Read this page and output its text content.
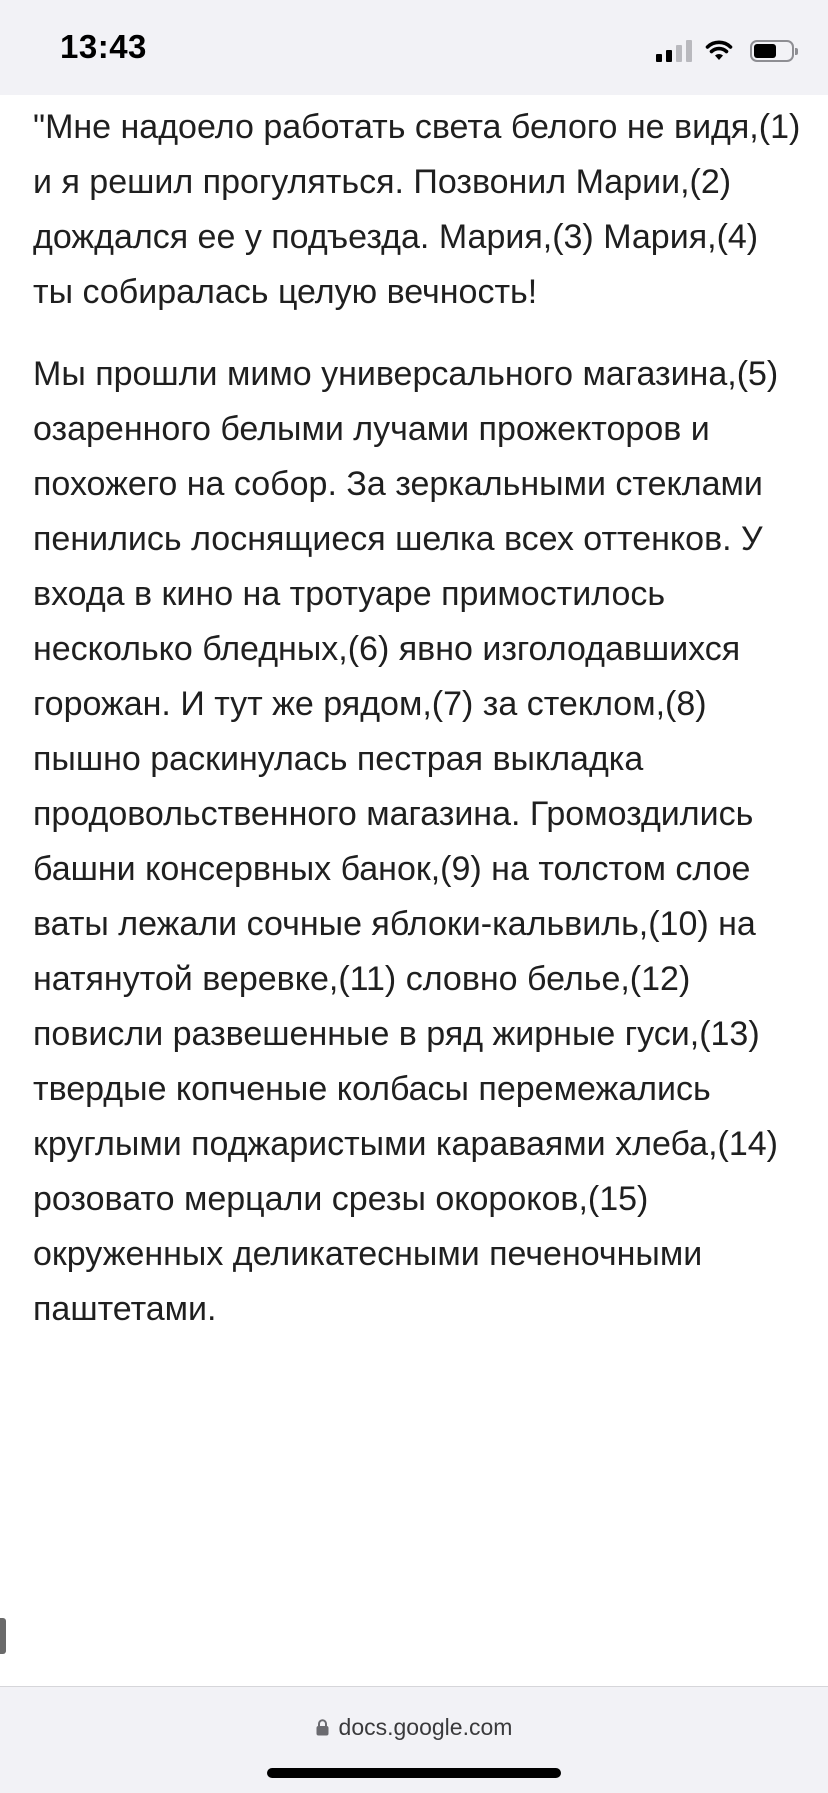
13:43

"Мне надоело работать света белого не видя,(1) и я решил прогуляться. Позвонил Марии,(2) дождался ее у подъезда. Мария,(3) Мария,(4) ты собиралась целую вечность!

Мы прошли мимо универсального магазина,(5) озаренного белыми лучами прожекторов и похожего на собор. За зеркальными стеклами пенились лоснящиеся шелка всех оттенков. У входа в кино на тротуаре примостилось несколько бледных,(6) явно изголодавшихся горожан. И тут же рядом,(7) за стеклом,(8) пышно раскинулась пестрая выкладка продовольственного магазина. Громоздились башни консервных банок,(9) на толстом слое ваты лежали сочные яблоки-кальвиль,(10) на натянутой веревке,(11) словно белье,(12) повисли развешенные в ряд жирные гуси,(13) твердые копченые колбасы перемежались круглыми поджаристыми караваями хлеба,(14) розовато мерцали срезы окороков,(15) окруженных деликатесными печеночными паштетами.

docs.google.com
